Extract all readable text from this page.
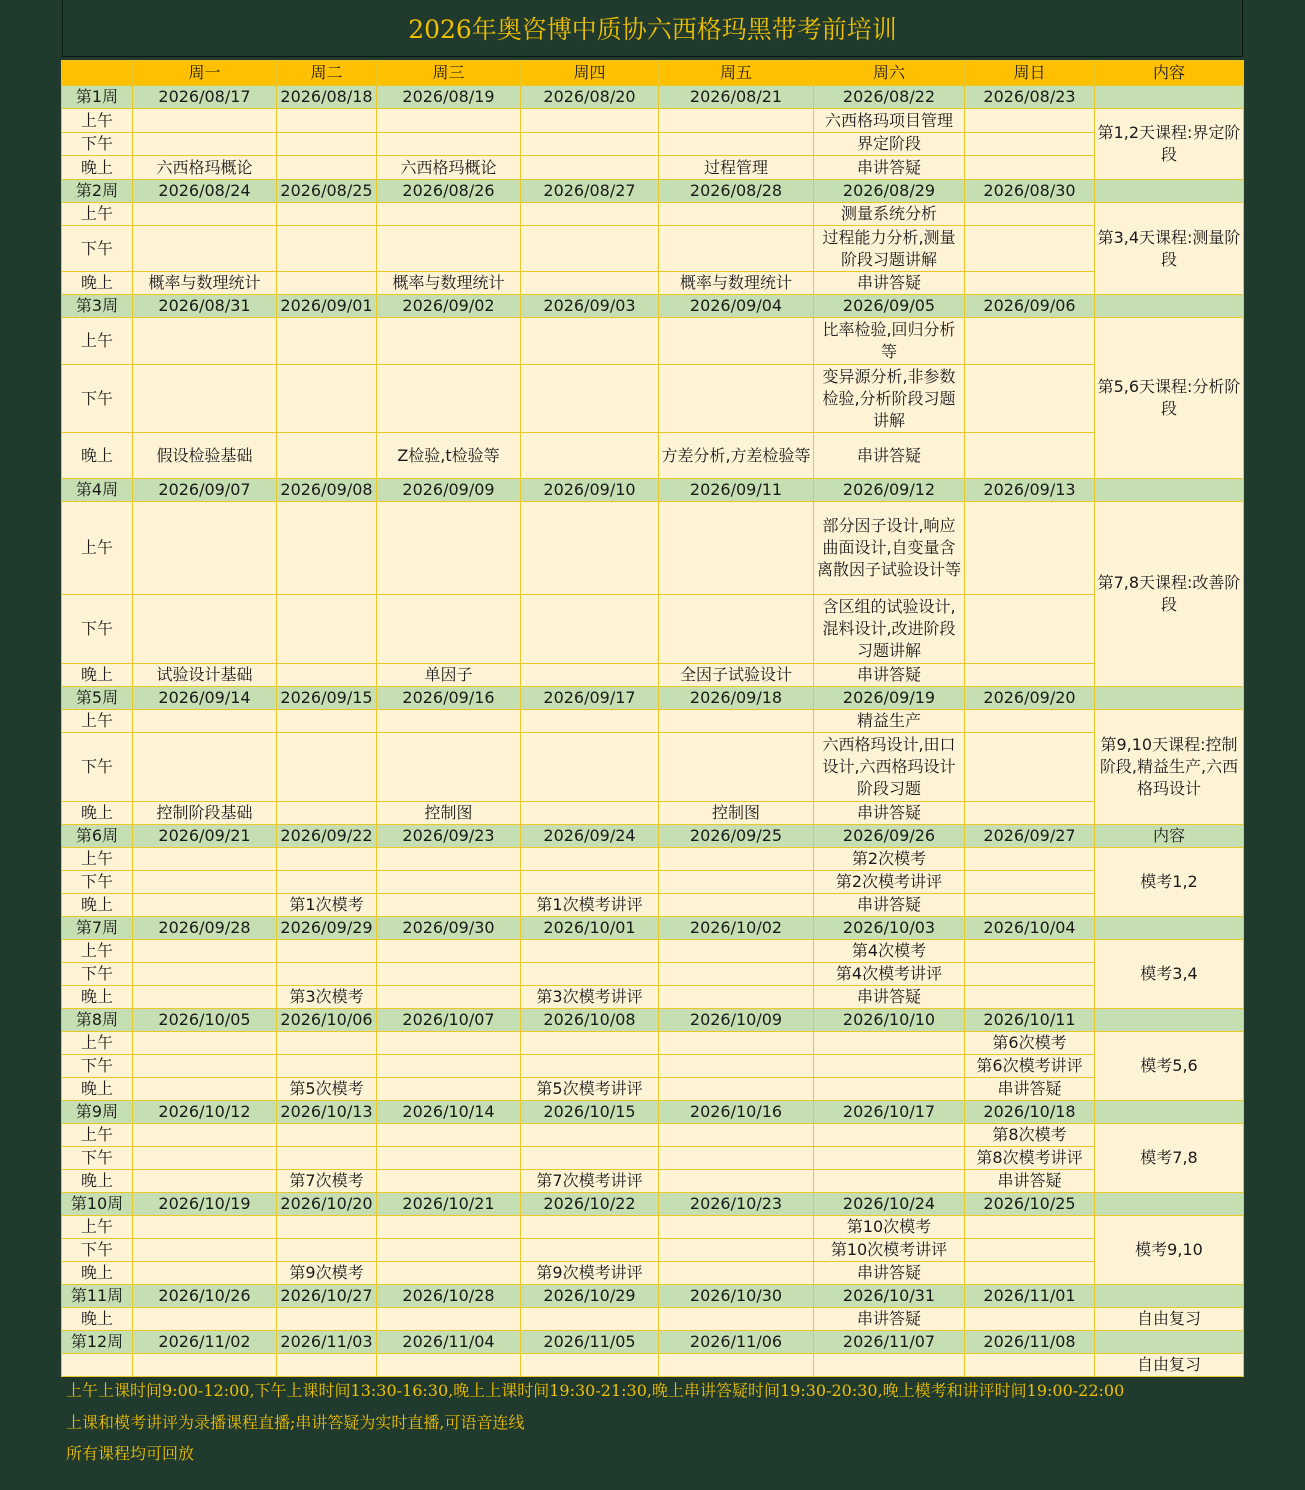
2026年奥咨博中质协六西格玛黑带考前培训
	周一	周二	周三	周四	周五	周六	周日	内容
第1周	2026/08/17	2026/08/18	2026/08/19	2026/08/20	2026/08/21	2026/08/22	2026/08/23	
上午						六西格玛项目管理		第1,2天课程:界定阶段
下午						界定阶段		
晚上	六西格玛概论		六西格玛概论		过程管理	串讲答疑		
第2周	2026/08/24	2026/08/25	2026/08/26	2026/08/27	2026/08/28	2026/08/29	2026/08/30	
上午						测量系统分析		第3,4天课程:测量阶段
下午						过程能力分析,测量阶段习题讲解		
晚上	概率与数理统计		概率与数理统计		概率与数理统计	串讲答疑		
第3周	2026/08/31	2026/09/01	2026/09/02	2026/09/03	2026/09/04	2026/09/05	2026/09/06	
上午						比率检验,回归分析等		第5,6天课程:分析阶段
下午						变异源分析,非参数检验,分析阶段习题讲解		
晚上	假设检验基础		Z检验,t检验等		方差分析,方差检验等	串讲答疑		
第4周	2026/09/07	2026/09/08	2026/09/09	2026/09/10	2026/09/11	2026/09/12	2026/09/13	
上午						部分因子设计,响应曲面设计,自变量含离散因子试验设计等		第7,8天课程:改善阶段
下午						含区组的试验设计,混料设计,改进阶段习题讲解		
晚上	试验设计基础		单因子		全因子试验设计	串讲答疑		
第5周	2026/09/14	2026/09/15	2026/09/16	2026/09/17	2026/09/18	2026/09/19	2026/09/20	
上午						精益生产		第9,10天课程:控制阶段,精益生产,六西格玛设计
下午						六西格玛设计,田口设计,六西格玛设计阶段习题		
晚上	控制阶段基础		控制图		控制图	串讲答疑		
第6周	2026/09/21	2026/09/22	2026/09/23	2026/09/24	2026/09/25	2026/09/26	2026/09/27	内容
上午						第2次模考		模考1,2
下午						第2次模考讲评		
晚上		第1次模考		第1次模考讲评		串讲答疑		
第7周	2026/09/28	2026/09/29	2026/09/30	2026/10/01	2026/10/02	2026/10/03	2026/10/04	
上午						第4次模考		模考3,4
下午						第4次模考讲评		
晚上		第3次模考		第3次模考讲评		串讲答疑		
第8周	2026/10/05	2026/10/06	2026/10/07	2026/10/08	2026/10/09	2026/10/10	2026/10/11	
上午							第6次模考	模考5,6
下午							第6次模考讲评	
晚上		第5次模考		第5次模考讲评			串讲答疑	
第9周	2026/10/12	2026/10/13	2026/10/14	2026/10/15	2026/10/16	2026/10/17	2026/10/18	
上午							第8次模考	模考7,8
下午							第8次模考讲评	
晚上		第7次模考		第7次模考讲评			串讲答疑	
第10周	2026/10/19	2026/10/20	2026/10/21	2026/10/22	2026/10/23	2026/10/24	2026/10/25	
上午						第10次模考		模考9,10
下午						第10次模考讲评		
晚上		第9次模考		第9次模考讲评		串讲答疑		
第11周	2026/10/26	2026/10/27	2026/10/28	2026/10/29	2026/10/30	2026/10/31	2026/11/01	
晚上						串讲答疑		自由复习
第12周	2026/11/02	2026/11/03	2026/11/04	2026/11/05	2026/11/06	2026/11/07	2026/11/08	
								自由复习
上午上课时间9:00-12:00,下午上课时间13:30-16:30,晚上上课时间19:30-21:30,晚上串讲答疑时间19:30-20:30,晚上模考和讲评时间19:00-22:00
上课和模考讲评为录播课程直播;串讲答疑为实时直播,可语音连线
所有课程均可回放
